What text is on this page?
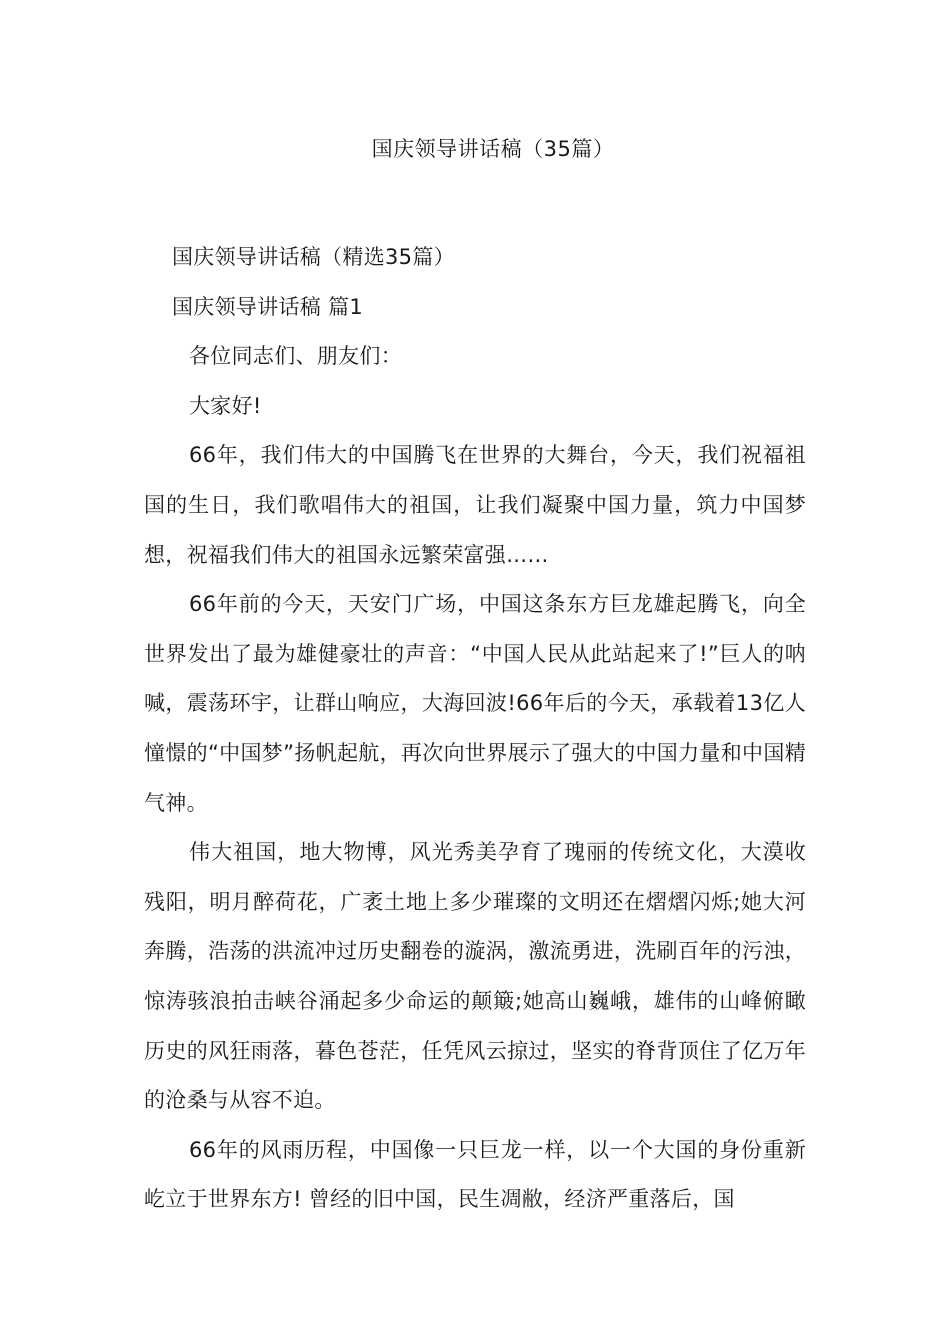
国庆领导讲话稿（35篇）

国庆领导讲话稿（精选35篇）

国庆领导讲话稿 篇1

各位同志们、朋友们：

大家好!

66年，我们伟大的中国腾飞在世界的大舞台，今天，我们祝福祖国的生日，我们歌唱伟大的祖国，让我们凝聚中国力量，筑力中国梦想，祝福我们伟大的祖国永远繁荣富强……

66年前的今天，天安门广场，中国这条东方巨龙雄起腾飞，向全世界发出了最为雄健豪壮的声音：“中国人民从此站起来了!”巨人的呐喊，震荡环宇，让群山响应，大海回波!66年后的今天，承载着13亿人憧憬的“中国梦”扬帆起航，再次向世界展示了强大的中国力量和中国精气神。

伟大祖国，地大物博，风光秀美孕育了瑰丽的传统文化，大漠收残阳，明月醉荷花，广袤土地上多少璀璨的文明还在熠熠闪烁;她大河奔腾，浩荡的洪流冲过历史翻卷的漩涡，激流勇进，洗刷百年的污浊，惊涛骇浪拍击峡谷涌起多少命运的颠簸;她高山巍峨，雄伟的山峰俯瞰历史的风狂雨落，暮色苍茫，任凭风云掠过，坚实的脊背顶住了亿万年的沧桑与从容不迫。

66年的风雨历程，中国像一只巨龙一样，以一个大国的身份重新屹立于世界东方! 曾经的旧中国，民生凋敝，经济严重落后，国
